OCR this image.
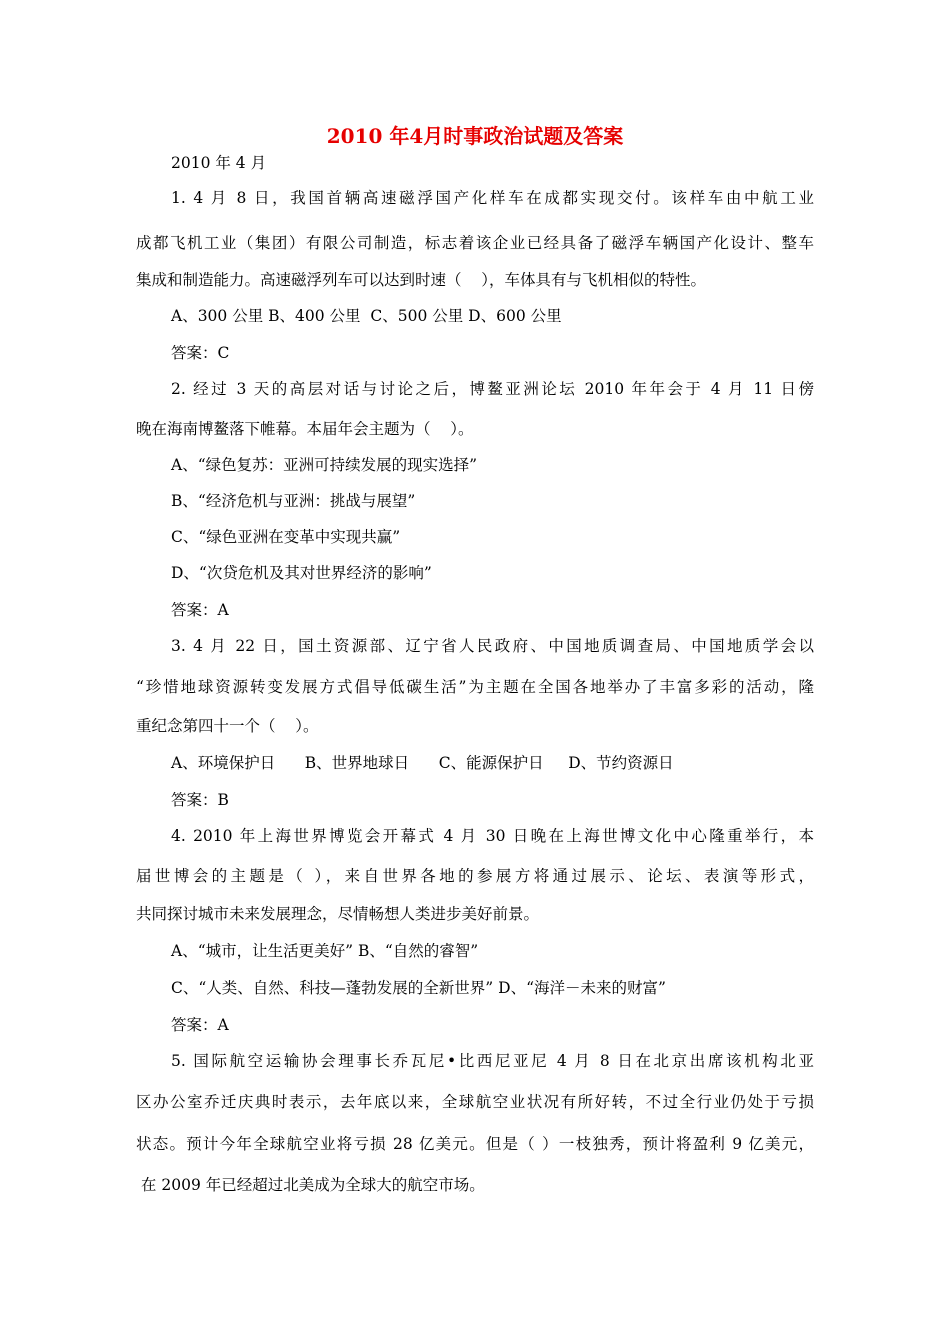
2010 年4月时事政治试题及答案
2010 年 4 月
1. 4 月 8 日，我国首辆高速磁浮国产化样车在成都实现交付。该样车由中航工业
成都飞机工业（集团）有限公司制造，标志着该企业已经具备了磁浮车辆国产化设计、整车
集成和制造能力。高速磁浮列车可以达到时速（    ），车体具有与飞机相似的特性。
A、300 公里 B、400 公里  C、500 公里 D、600 公里
答案：C
2. 经过 3 天的高层对话与讨论之后，博鳌亚洲论坛 2010 年年会于 4 月 11 日傍
晚在海南博鳌落下帷幕。本届年会主题为（    ）。
A、“绿色复苏：亚洲可持续发展的现实选择”
B、“经济危机与亚洲：挑战与展望”
C、“绿色亚洲在变革中实现共赢”
D、“次贷危机及其对世界经济的影响”
答案：A
3. 4 月 22 日，国土资源部、辽宁省人民政府、中国地质调查局、中国地质学会以
“珍惜地球资源转变发展方式倡导低碳生活”为主题在全国各地举办了丰富多彩的活动，隆
重纪念第四十一个（    ）。
A、环境保护日      B、世界地球日      C、能源保护日     D、节约资源日
答案：B
4. 2010 年上海世界博览会开幕式 4 月 30 日晚在上海世博文化中心隆重举行，本
届世博会的主题是（ ），来自世界各地的参展方将通过展示、论坛、表演等形式，
共同探讨城市未来发展理念，尽情畅想人类进步美好前景。
A、“城市，让生活更美好” B、“自然的睿智”
C、“人类、自然、科技—蓬勃发展的全新世界” D、“海洋－未来的财富”
答案：A
5. 国际航空运输协会理事长乔瓦尼•比西尼亚尼 4 月 8 日在北京出席该机构北亚
区办公室乔迁庆典时表示，去年底以来，全球航空业状况有所好转，不过全行业仍处于亏损
状态。预计今年全球航空业将亏损 28 亿美元。但是（ ）一枝独秀，预计将盈利 9 亿美元，
在 2009 年已经超过北美成为全球大的航空市场。
